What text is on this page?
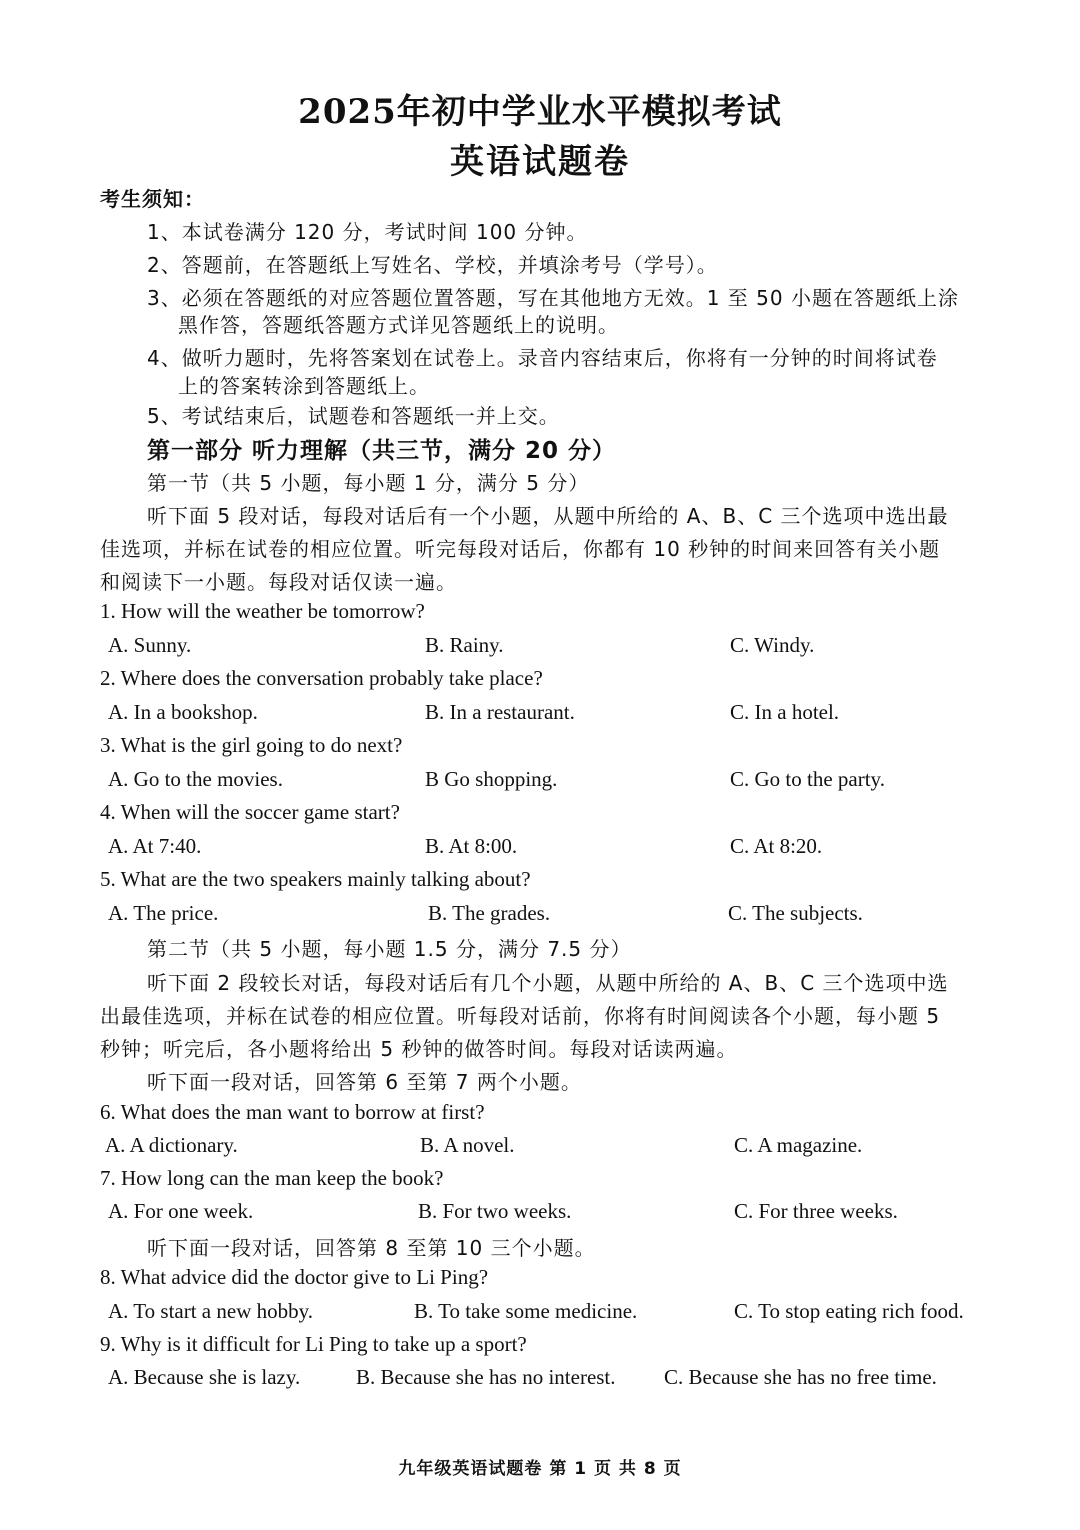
2025年初中学业水平模拟考试
英语试题卷
考生须知：
1、本试卷满分 120 分，考试时间 100 分钟。
2、答题前，在答题纸上写姓名、学校，并填涂考号（学号）。
3、必须在答题纸的对应答题位置答题，写在其他地方无效。1 至 50 小题在答题纸上涂
黑作答，答题纸答题方式详见答题纸上的说明。
4、做听力题时，先将答案划在试卷上。录音内容结束后，你将有一分钟的时间将试卷
上的答案转涂到答题纸上。
5、考试结束后，试题卷和答题纸一并上交。
第一部分 听力理解（共三节，满分 20 分）
第一节（共 5 小题，每小题 1 分，满分 5 分）
听下面 5 段对话，每段对话后有一个小题，从题中所给的 A、B、C 三个选项中选出最
佳选项，并标在试卷的相应位置。听完每段对话后，你都有 10 秒钟的时间来回答有关小题
和阅读下一小题。每段对话仅读一遍。
1. How will the weather be tomorrow?
A. Sunny.	B. Rainy.	C. Windy.
2. Where does the conversation probably take place?
A. In a bookshop.	B. In a restaurant.	C. In a hotel.
3. What is the girl going to do next?
A. Go to the movies.	B Go shopping.	C. Go to the party.
4. When will the soccer game start?
A. At 7:40.	B. At 8:00.	C. At 8:20.
5. What are the two speakers mainly talking about?
A. The price.	B. The grades.	C. The subjects.
第二节（共 5 小题，每小题 1.5 分，满分 7.5 分）
听下面 2 段较长对话，每段对话后有几个小题，从题中所给的 A、B、C 三个选项中选
出最佳选项，并标在试卷的相应位置。听每段对话前，你将有时间阅读各个小题，每小题 5
秒钟；听完后，各小题将给出 5 秒钟的做答时间。每段对话读两遍。
听下面一段对话，回答第 6 至第 7 两个小题。
6. What does the man want to borrow at first?
A. A dictionary.	B. A novel.	C. A magazine.
7. How long can the man keep the book?
A. For one week.	B. For two weeks.	C. For three weeks.
听下面一段对话，回答第 8 至第 10 三个小题。
8. What advice did the doctor give to Li Ping?
A. To start a new hobby.	B. To take some medicine.	C. To stop eating rich food.
9. Why is it difficult for Li Ping to take up a sport?
A. Because she is lazy.	B. Because she has no interest. C. Because she has no free time.
九年级英语试题卷 第 1 页 共 8 页
